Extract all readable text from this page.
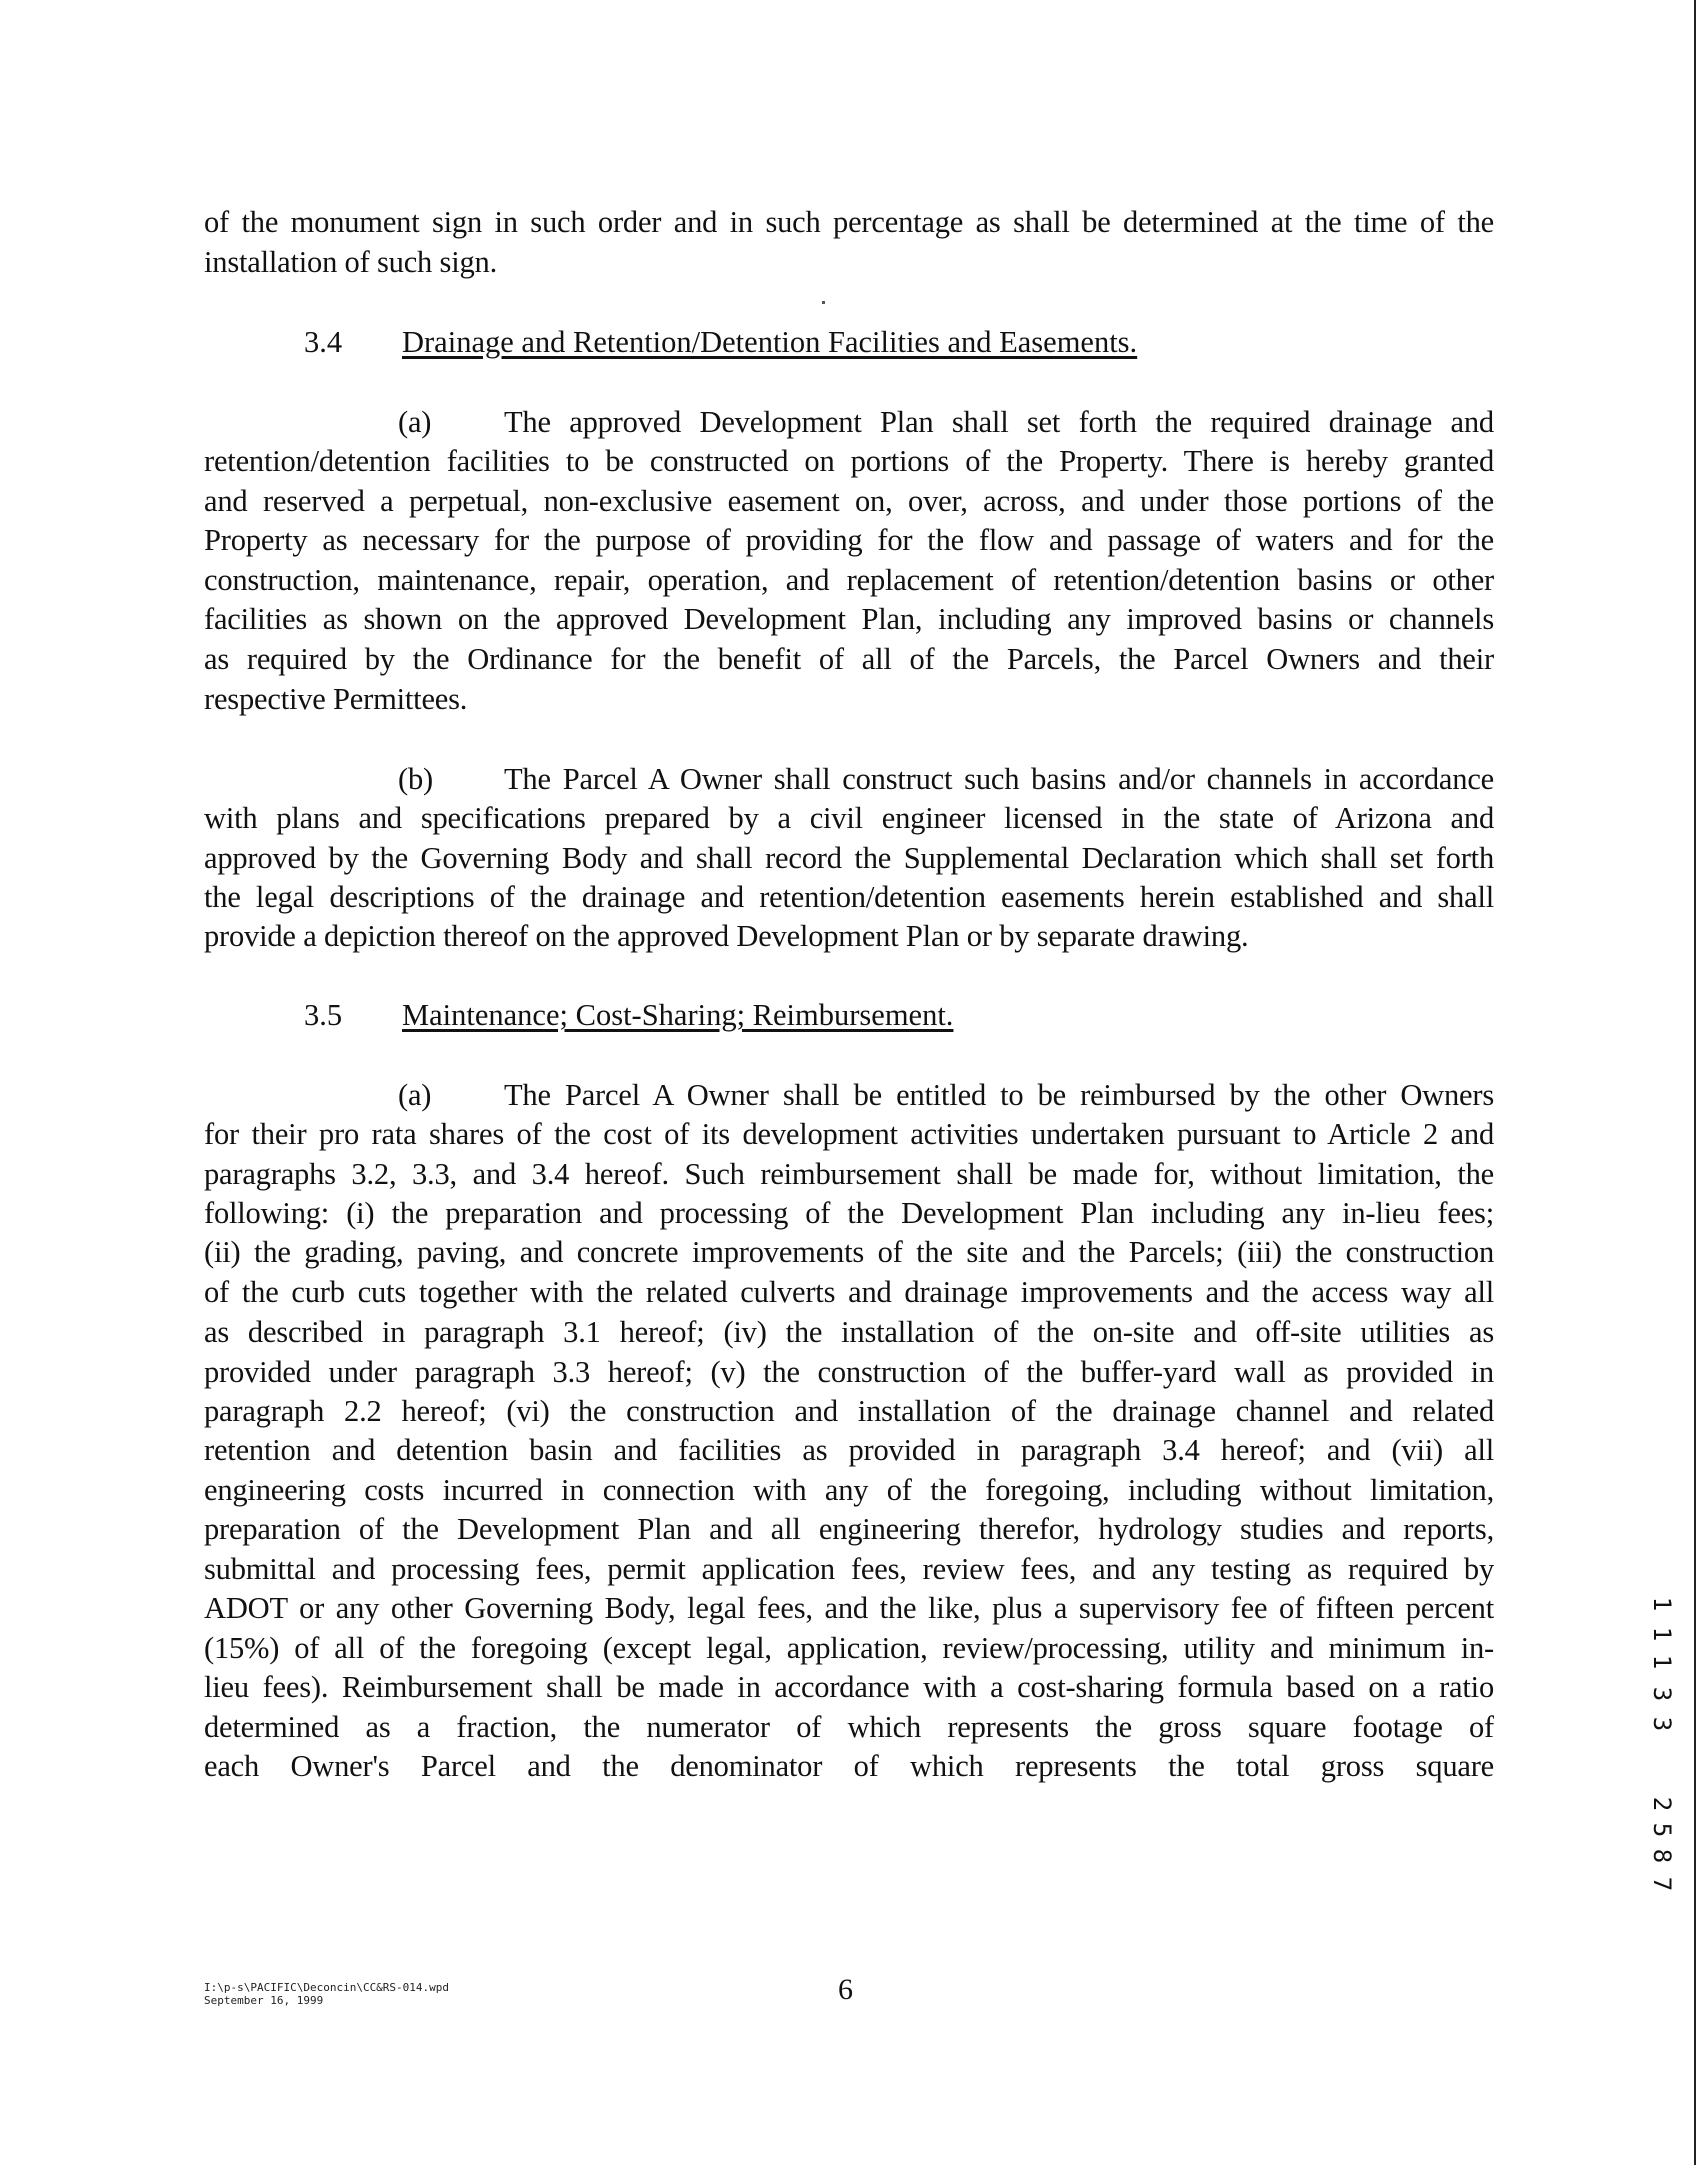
of the monument sign in such order and in such percentage as shall be determined at the time of the
installation of such sign.
3.4 Drainage and Retention/Detention Facilities and Easements.
(a) The approved Development Plan shall set forth the required drainage and
retention/detention facilities to be constructed on portions of the Property. There is hereby granted
and reserved a perpetual, non-exclusive easement on, over, across, and under those portions of the
Property as necessary for the purpose of providing for the flow and passage of waters and for the
construction, maintenance, repair, operation, and replacement of retention/detention basins or other
facilities as shown on the approved Development Plan, including any improved basins or channels
as required by the Ordinance for the benefit of all of the Parcels, the Parcel Owners and their
respective Permittees.
(b) The Parcel A Owner shall construct such basins and/or channels in accordance
with plans and specifications prepared by a civil engineer licensed in the state of Arizona and
approved by the Governing Body and shall record the Supplemental Declaration which shall set forth
the legal descriptions of the drainage and retention/detention easements herein established and shall
provide a depiction thereof on the approved Development Plan or by separate drawing.
3.5 Maintenance; Cost-Sharing; Reimbursement.
(a) The Parcel A Owner shall be entitled to be reimbursed by the other Owners
for their pro rata shares of the cost of its development activities undertaken pursuant to Article 2 and
paragraphs 3.2, 3.3, and 3.4 hereof. Such reimbursement shall be made for, without limitation, the
following: (i) the preparation and processing of the Development Plan including any in-lieu fees;
(ii) the grading, paving, and concrete improvements of the site and the Parcels; (iii) the construction
of the curb cuts together with the related culverts and drainage improvements and the access way all
as described in paragraph 3.1 hereof; (iv) the installation of the on-site and off-site utilities as
provided under paragraph 3.3 hereof; (v) the construction of the buffer-yard wall as provided in
paragraph 2.2 hereof; (vi) the construction and installation of the drainage channel and related
retention and detention basin and facilities as provided in paragraph 3.4 hereof; and (vii) all
engineering costs incurred in connection with any of the foregoing, including without limitation,
preparation of the Development Plan and all engineering therefor, hydrology studies and reports,
submittal and processing fees, permit application fees, review fees, and any testing as required by
ADOT or any other Governing Body, legal fees, and the like, plus a supervisory fee of fifteen percent
(15%) of all of the foregoing (except legal, application, review/processing, utility and minimum in-
lieu fees). Reimbursement shall be made in accordance with a cost-sharing formula based on a ratio
determined as a fraction, the numerator of which represents the gross square footage of
each Owner's Parcel and the denominator of which represents the total gross square
I:\p-s\PACIFIC\Deconcin\CC&RS-014.wpd
September 16, 1999	6
1
1
1
3
3
2
5
8
7
